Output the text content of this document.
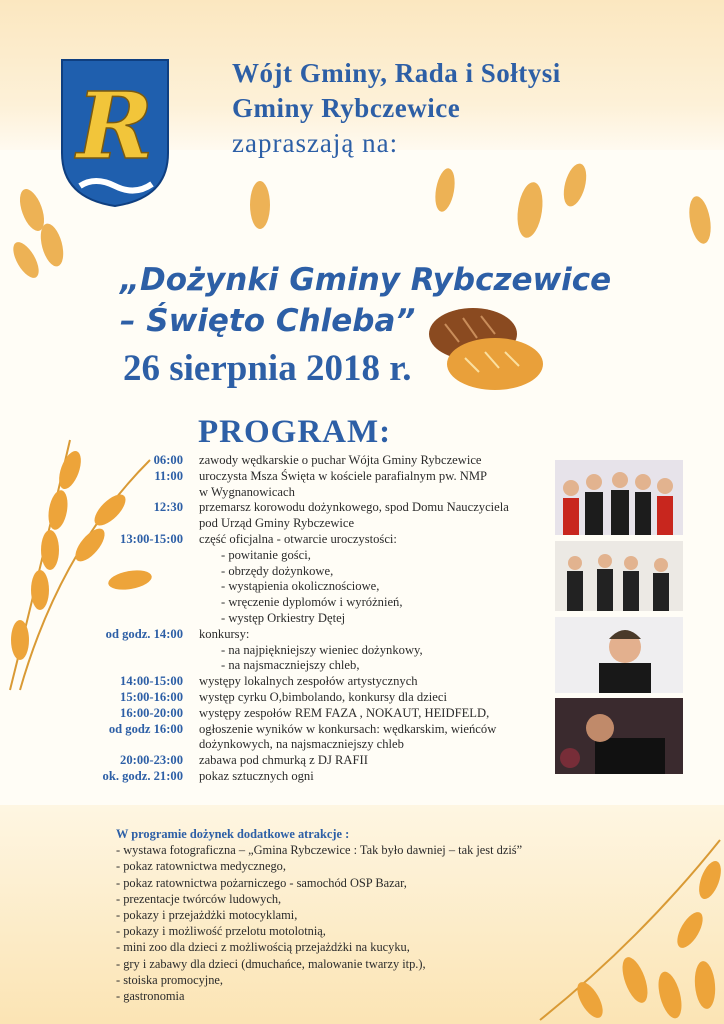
R	Wójt Gminy, Rada i Sołtysi
Gminy Rybczewice
zapraszają na:
„Dożynki Gminy Rybczewice
– Święto Chleba”
26 sierpnia 2018 r.
PROGRAM:
06:00	zawody wędkarskie o puchar Wójta Gminy Rybczewice
11:00	uroczysta Msza Święta w kościele parafialnym pw. NMP
w Wygnanowicach
12:30	przemarsz korowodu dożynkowego, spod Domu Nauczyciela
pod Urząd Gminy Rybczewice
13:00-15:00	część oficjalna - otwarcie uroczystości:
- powitanie gości,
- obrzędy dożynkowe,
- wystąpienia okolicznościowe,
- wręczenie dyplomów i wyróżnień,
- występ Orkiestry Dętej
od godz. 14:00	konkursy:
- na najpiękniejszy wieniec dożynkowy,
- na najsmaczniejszy chleb,
14:00-15:00	występy lokalnych zespołów artystycznych
15:00-16:00	występ cyrku O,bimbolando, konkursy dla dzieci
16:00-20:00	występy zespołów REM FAZA , NOKAUT, HEIDFELD,
od godz 16:00	ogłoszenie wyników w konkursach: wędkarskim, wieńców
dożynkowych, na najsmaczniejszy chleb
20:00-23:00	zabawa pod chmurką z DJ RAFII
ok. godz. 21:00	pokaz sztucznych ogni
W programie dożynek dodatkowe atrakcje :
- wystawa fotograficzna – „Gmina Rybczewice : Tak było dawniej – tak jest dziś”
- pokaz ratownictwa medycznego,
- pokaz ratownictwa pożarniczego - samochód OSP Bazar,
- prezentacje twórców ludowych,
- pokazy i przejażdżki motocyklami,
- pokazy i możliwość przelotu motolotnią,
- mini zoo dla dzieci z możliwością przejażdżki na kucyku,
- gry i zabawy dla dzieci (dmuchańce, malowanie twarzy itp.),
- stoiska promocyjne,
- gastronomia
